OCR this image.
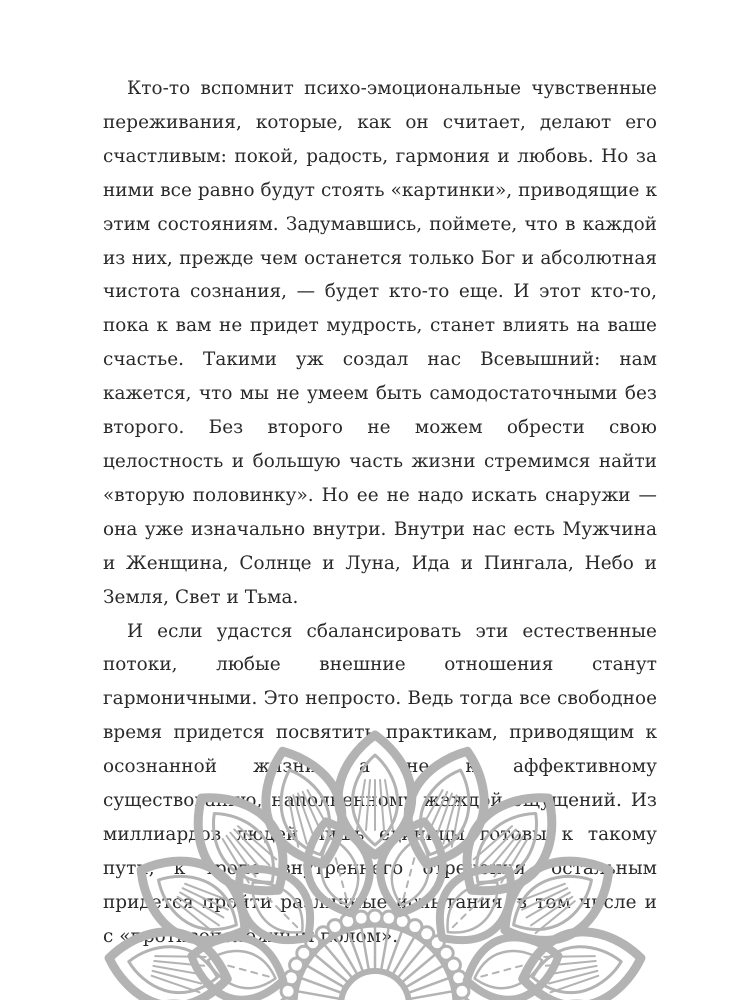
Кто-то вспомнит психо-эмоциональные чувственные переживания, которые, как он считает, делают его счастливым: покой, радость, гармония и любовь. Но за ними все равно будут стоять «картинки», приводящие к этим состояниям. Задумавшись, поймете, что в каждой из них, прежде чем останется только Бог и абсолютная чистота сознания, — будет кто-то еще. И этот кто-то, пока к вам не придет мудрость, станет влиять на ваше счастье. Такими уж создал нас Всевышний: нам кажется, что мы не умеем быть самодостаточными без второго. Без второго не можем обрести свою целостность и большую часть жизни стремимся найти «вторую половинку». Но ее не надо искать снаружи — она уже изначально внутри. Внутри нас есть Мужчина и Женщина, Солнце и Луна, Ида и Пингала, Небо и Земля, Свет и Тьма.

И если удастся сбалансировать эти естественные потоки, любые внешние отношения станут гармоничными. Это непросто. Ведь тогда все свободное время придется посвятить практикам, приводящим к осознанной жизни, а не к аффективному существованию, наполненному жаждой ощущений. Из миллиардов людей лишь единицы готовы к такому пути, к тропе внутреннего отречения, остальным придется пройти различные испытания, в том числе и с «противоположным полом».
